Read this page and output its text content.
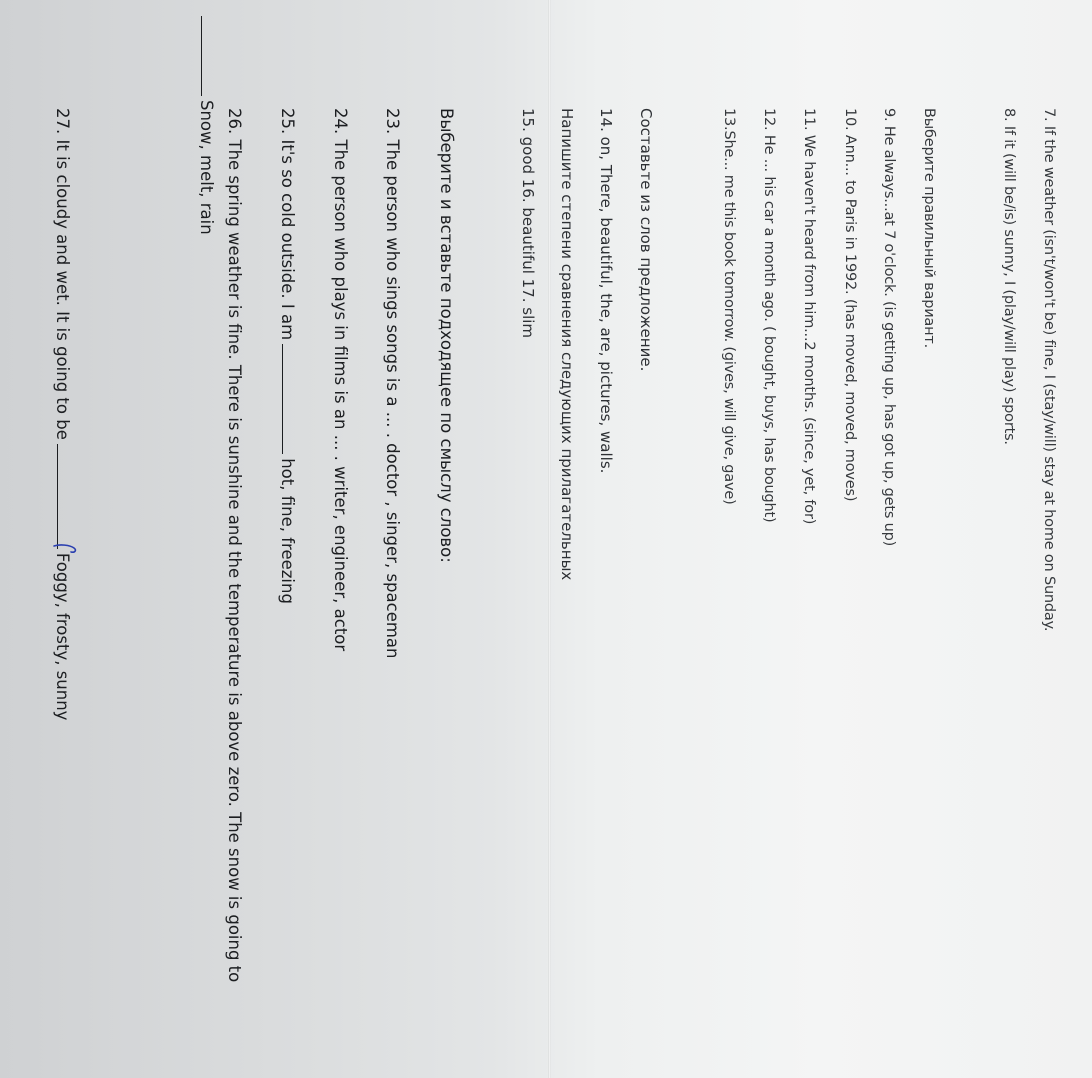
7. If the weather (isn't/won't be) fine, I (stay/will) stay at home on Sunday.
8. If it (will be/is) sunny, I (play/will play) sports.
Выберите правильный вариант.
9. He always...at 7 o'clock. (is getting up, has got up, gets up)
10. Ann... to Paris in 1992. (has moved, moved, moves)
11. We haven't heard from him...2 months. (since, yet, for)
12. He ... his car a month ago. ( bought, buys, has bought)
13.She... me this book tomorrow. (gives, will give, gave)
Составьте из слов предложение.
14. on, There, beautiful, the, are, pictures, walls.
Напишите степени сравнения следующих прилагательных
15. good 16. beautiful 17. slim
Выберите и вставьте подходящее по смыслу слово:
23. The person who sings songs is a ... . doctor , singer, spaceman
24. The person who plays in films is an ... . writer, engineer, actor
25. It's so cold outside. I amhot, fine, freezing
26. The spring weather is fine. There is sunshine and the temperature is above zero. The snow is going to
Snow, melt, rain
27. It is cloudy and wet. It is going to beFoggy, frosty, sunny
